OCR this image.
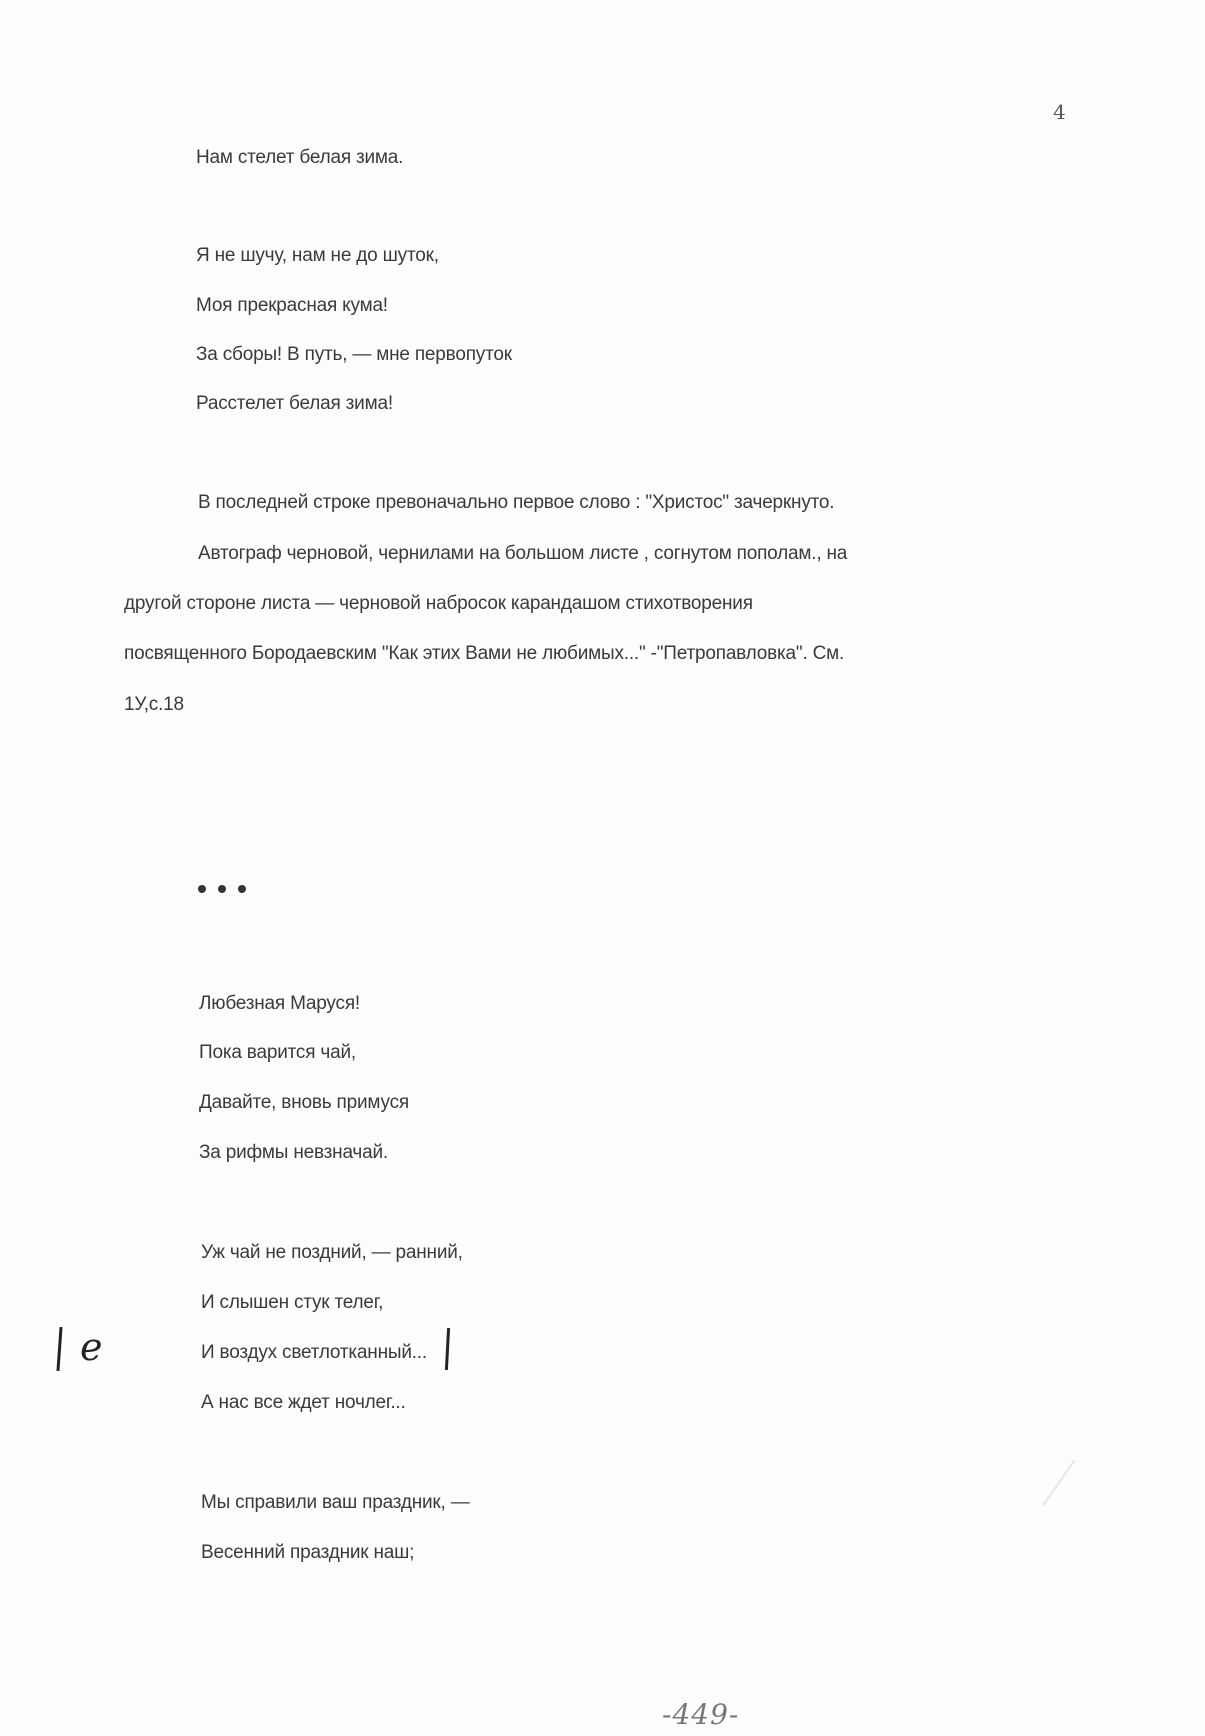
4
Нам стелет белая зима.
Я не шучу, нам не до шуток,
Моя прекрасная кума!
За сборы! В путь, — мне первопуток
Расстелет белая зима!
В последней строке превоначально первое слово : "Христос" зачеркнуто.
Автограф черновой, чернилами на большом листе , согнутом пополам., на
другой стороне листа — черновой набросок карандашом стихотворения
посвященного Бородаевским "Как этих Вами не любимых..." -"Петропавловка". См.
1У,с.18
Любезная Маруся!
Пока варится чай,
Давайте, вновь примуся
За рифмы невзначай.
Уж чай не поздний, — ранний,
И слышен стук телег,
И воздух светлотканный...
А нас все ждет ночлег...
Мы справили ваш праздник, —
Весенний праздник наш;
е
-449-
